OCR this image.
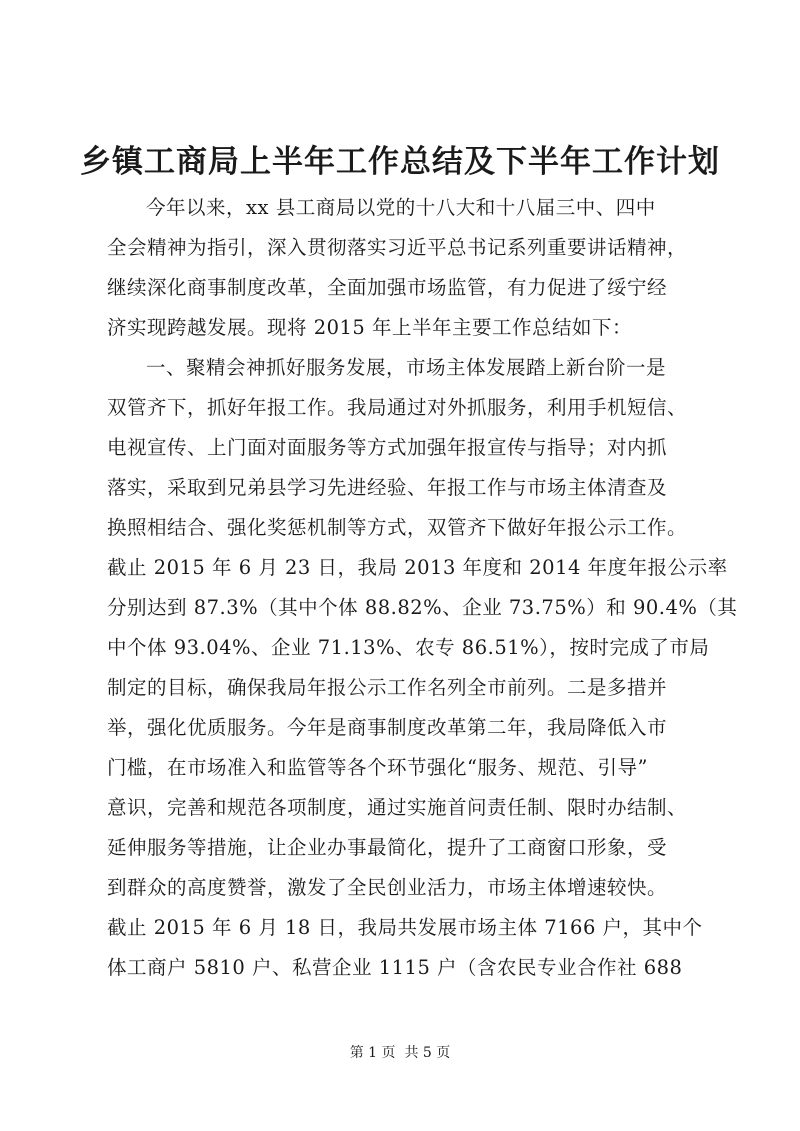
乡镇工商局上半年工作总结及下半年工作计划

今年以来，xx 县工商局以党的十八大和十八届三中、四中

全会精神为指引，深入贯彻落实习近平总书记系列重要讲话精神，

继续深化商事制度改革，全面加强市场监管，有力促进了绥宁经

济实现跨越发展。现将 2015 年上半年主要工作总结如下：

一、聚精会神抓好服务发展，市场主体发展踏上新台阶一是

双管齐下，抓好年报工作。我局通过对外抓服务，利用手机短信、

电视宣传、上门面对面服务等方式加强年报宣传与指导；对内抓

落实，采取到兄弟县学习先进经验、年报工作与市场主体清查及

换照相结合、强化奖惩机制等方式，双管齐下做好年报公示工作。

截止 2015 年 6 月 23 日，我局 2013 年度和 2014 年度年报公示率

分别达到 87.3%（其中个体 88.82%、企业 73.75%）和 90.4%（其

中个体 93.04%、企业 71.13%、农专 86.51%），按时完成了市局

制定的目标，确保我局年报公示工作名列全市前列。二是多措并

举，强化优质服务。今年是商事制度改革第二年，我局降低入市

门槛，在市场准入和监管等各个环节强化“服务、规范、引导”

意识，完善和规范各项制度，通过实施首问责任制、限时办结制、

延伸服务等措施，让企业办事最简化，提升了工商窗口形象，受

到群众的高度赞誉，激发了全民创业活力，市场主体增速较快。

截止 2015 年 6 月 18 日，我局共发展市场主体 7166 户，其中个

体工商户 5810 户、私营企业 1115 户（含农民专业合作社 688

第 1 页  共 5 页
